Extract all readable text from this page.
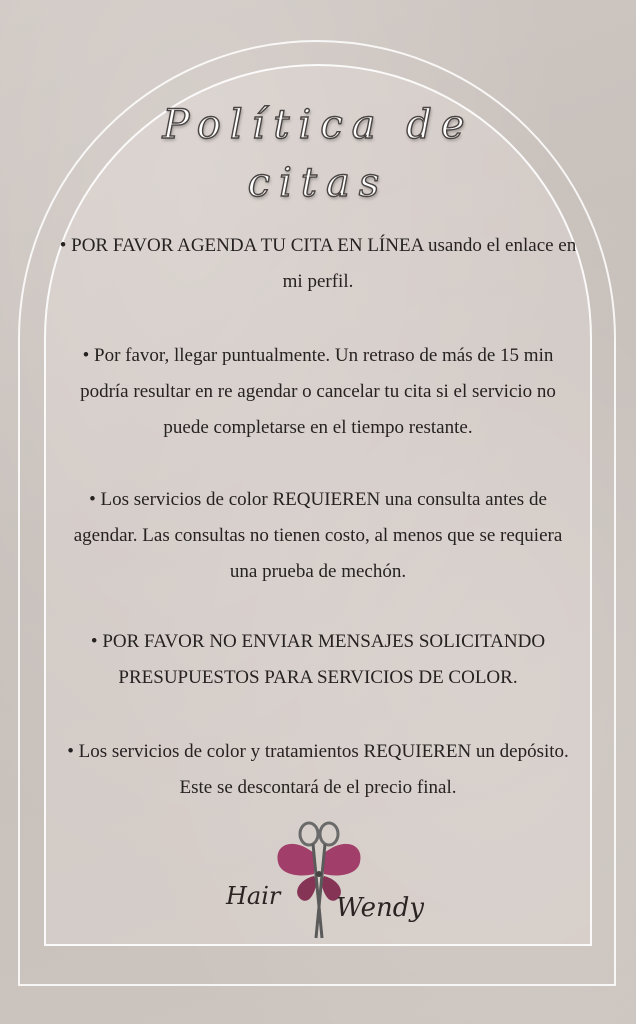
Política de
citas

• POR FAVOR AGENDA TU CITA EN LÍNEA usando el enlace en mi perfil.

• Por favor, llegar puntualmente. Un retraso de más de 15 min podría resultar en re agendar o cancelar tu cita si el servicio no puede completarse en el tiempo restante.

• Los servicios de color REQUIEREN una consulta antes de agendar. Las consultas no tienen costo, al menos que se requiera una prueba de mechón.

• POR FAVOR NO ENVIAR MENSAJES SOLICITANDO PRESUPUESTOS PARA SERVICIOS DE COLOR.

• Los servicios de color y tratamientos REQUIEREN un depósito. Este se descontará de el precio final.

Hair Wendy
